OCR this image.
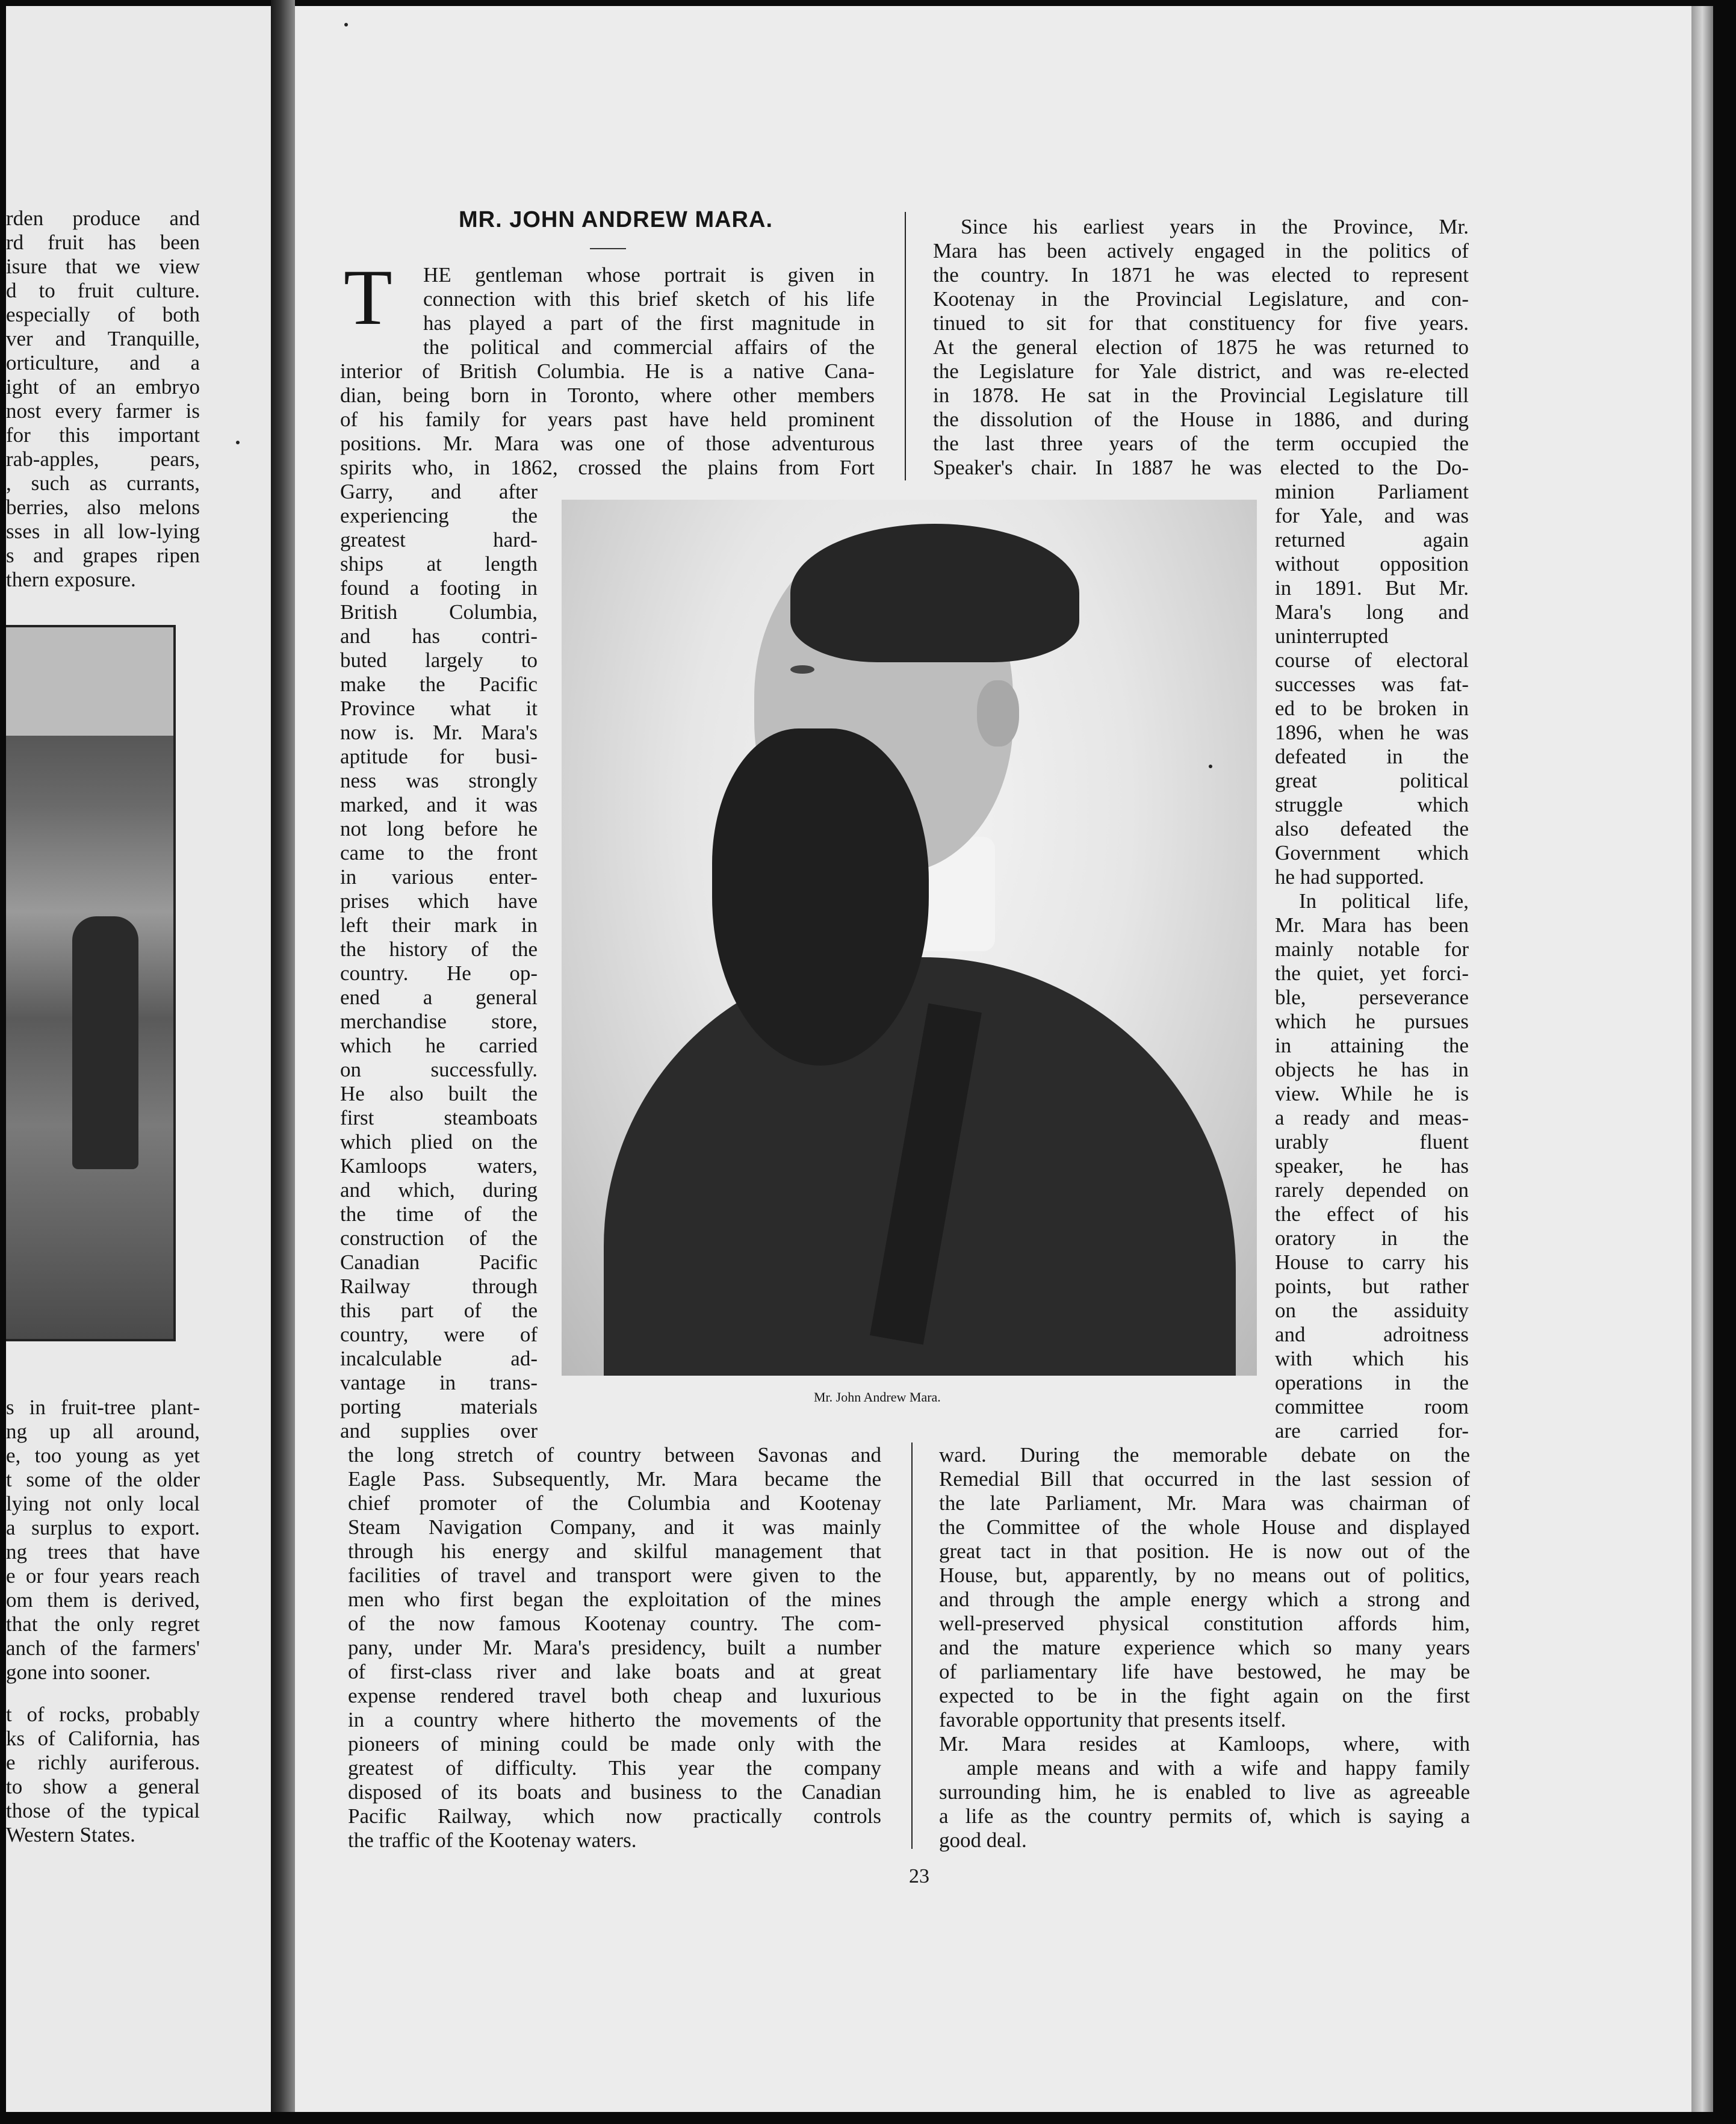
rden produce and
rd fruit has been
isure that we view
d to fruit culture.
especially of both
ver and Tranquille,
orticulture, and a
ight of an embryo
nost every farmer is
for this important
rab-apples, pears,
, such as currants,
berries, also melons
sses in all low-lying
s and grapes ripen
thern exposure.
s in fruit-tree plant-
ng up all around,
e, too young as yet
t some of the older
lying not only local
a surplus to export.
ng trees that have
e or four years reach
om them is derived,
that the only regret
anch of the farmers'
gone into sooner.
t of rocks, probably
ks of California, has
e richly auriferous.
to show a general
those of the typical
Western States.
MR. JOHN ANDREW MARA.
T
Mr. John Andrew Mara.
HE gentleman whose portrait is given in
connection with this brief sketch of his life
has played a part of the first magnitude in
the political and commercial affairs of the
interior of British Columbia. He is a native Cana-
dian, being born in Toronto, where other members
of his family for years past have held prominent
positions. Mr. Mara was one of those adventurous
spirits who, in 1862, crossed the plains from Fort
Garry, and after
experiencing the
greatest hard-
ships at length
found a footing in
British Columbia,
and has contri-
buted largely to
make the Pacific
Province what it
now is. Mr. Mara's
aptitude for busi-
ness was strongly
marked, and it was
not long before he
came to the front
in various enter-
prises which have
left their mark in
the history of the
country. He op-
ened a general
merchandise store,
which he carried
on successfully.
He also built the
first steamboats
which plied on the
Kamloops waters,
and which, during
the time of the
construction of the
Canadian Pacific
Railway through
this part of the
country, were of
incalculable ad-
vantage in trans-
porting materials
and supplies over
the long stretch of country between Savonas and
Eagle Pass. Subsequently, Mr. Mara became the
chief promoter of the Columbia and Kootenay
Steam Navigation Company, and it was mainly
through his energy and skilful management that
facilities of travel and transport were given to the
men who first began the exploitation of the mines
of the now famous Kootenay country. The com-
pany, under Mr. Mara's presidency, built a number
of first-class river and lake boats and at great
expense rendered travel both cheap and luxurious
in a country where hitherto the movements of the
pioneers of mining could be made only with the
greatest of difficulty. This year the company
disposed of its boats and business to the Canadian
Pacific Railway, which now practically controls
the traffic of the Kootenay waters.
Since his earliest years in the Province, Mr.
Mara has been actively engaged in the politics of
the country. In 1871 he was elected to represent
Kootenay in the Provincial Legislature, and con-
tinued to sit for that constituency for five years.
At the general election of 1875 he was returned to
the Legislature for Yale district, and was re-elected
in 1878. He sat in the Provincial Legislature till
the dissolution of the House in 1886, and during
the last three years of the term occupied the
Speaker's chair. In 1887 he was elected to the Do-
minion Parliament
for Yale, and was
returned again
without opposition
in 1891. But Mr.
Mara's long and
uninterrupted
course of electoral
successes was fat-
ed to be broken in
1896, when he was
defeated in the
great political
struggle which
also defeated the
Government which
he had supported.
In political life,
Mr. Mara has been
mainly notable for
the quiet, yet forci-
ble, perseverance
which he pursues
in attaining the
objects he has in
view. While he is
a ready and meas-
urably fluent
speaker, he has
rarely depended on
the effect of his
oratory in the
House to carry his
points, but rather
on the assiduity
and adroitness
with which his
operations in the
committee room
are carried for-
ward. During the memorable debate on the
Remedial Bill that occurred in the last session of
the late Parliament, Mr. Mara was chairman of
the Committee of the whole House and displayed
great tact in that position. He is now out of the
House, but, apparently, by no means out of politics,
and through the ample energy which a strong and
well-preserved physical constitution affords him,
and the mature experience which so many years
of parliamentary life have bestowed, he may be
expected to be in the fight again on the first
favorable opportunity that presents itself.
Mr. Mara resides at Kamloops, where, with
ample means and with a wife and happy family
surrounding him, he is enabled to live as agreeable
a life as the country permits of, which is saying a
good deal.
23
